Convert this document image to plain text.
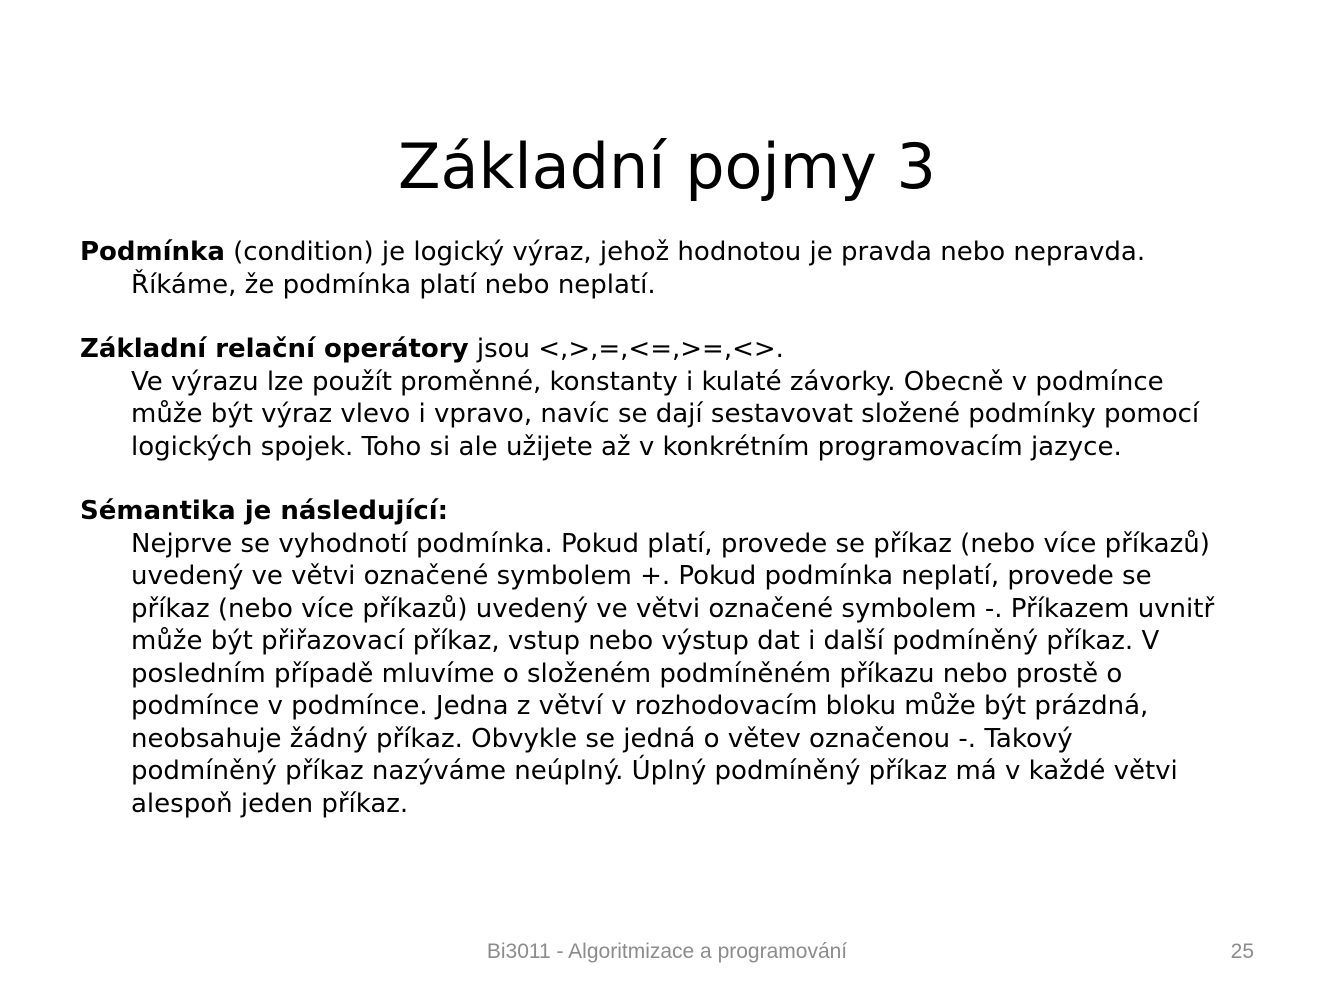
Základní pojmy 3

Podmínka (condition) je logický výraz, jehož hodnotou je pravda nebo nepravda.
Říkáme, že podmínka platí nebo neplatí.

Základní relační operátory jsou <,>,=,<=,>=,<>.
Ve výrazu lze použít proměnné, konstanty i kulaté závorky. Obecně v podmínce
může být výraz vlevo i vpravo, navíc se dají sestavovat složené podmínky pomocí
logických spojek. Toho si ale užijete až v konkrétním programovacím jazyce.

Sémantika je následující:
Nejprve se vyhodnotí podmínka. Pokud platí, provede se příkaz (nebo více příkazů)
uvedený ve větvi označené symbolem +. Pokud podmínka neplatí, provede se
příkaz (nebo více příkazů) uvedený ve větvi označené symbolem -. Příkazem uvnitř
může být přiřazovací příkaz, vstup nebo výstup dat i další podmíněný příkaz. V
posledním případě mluvíme o složeném podmíněném příkazu nebo prostě o
podmínce v podmínce. Jedna z větví v rozhodovacím bloku může být prázdná,
neobsahuje žádný příkaz. Obvykle se jedná o větev označenou -. Takový
podmíněný příkaz nazýváme neúplný. Úplný podmíněný příkaz má v každé větvi
alespoň jeden příkaz.

Bi3011 - Algoritmizace a programování	25
